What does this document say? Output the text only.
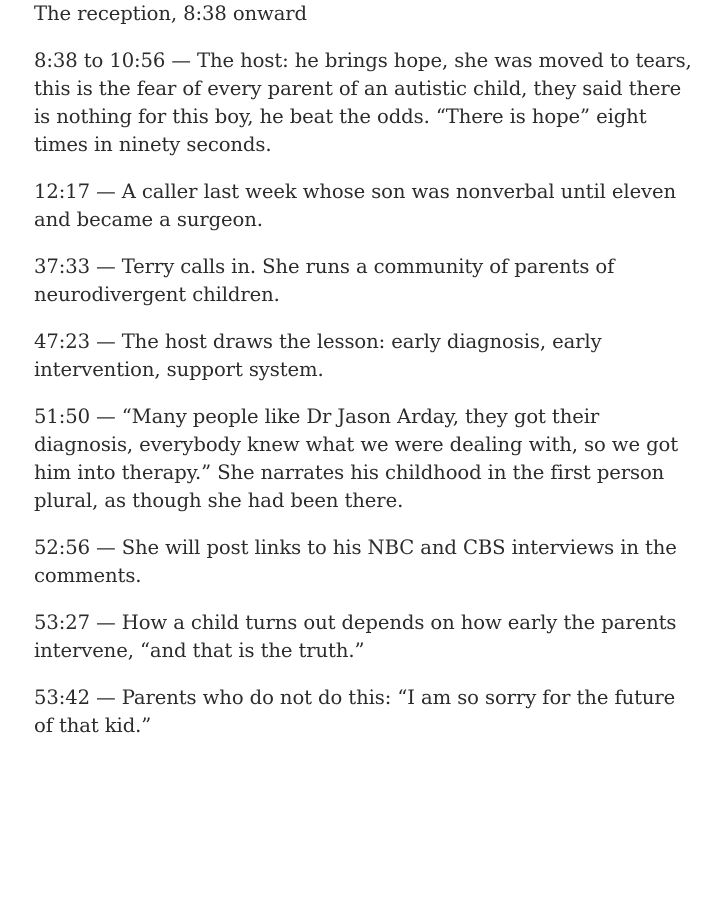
The reception, 8:38 onward

8:38 to 10:56 — The host: he brings hope, she was moved to tears, this is the fear of every parent of an autistic child, they said there is nothing for this boy, he beat the odds. “There is hope” eight times in ninety seconds.

12:17 — A caller last week whose son was nonverbal until eleven and became a surgeon.

37:33 — Terry calls in. She runs a community of parents of neurodivergent children.

47:23 — The host draws the lesson: early diagnosis, early intervention, support system.

51:50 — “Many people like Dr Jason Arday, they got their diagnosis, everybody knew what we were dealing with, so we got him into therapy.” She narrates his childhood in the first person plural, as though she had been there.

52:56 — She will post links to his NBC and CBS interviews in the comments.

53:27 — How a child turns out depends on how early the parents intervene, “and that is the truth.”

53:42 — Parents who do not do this: “I am so sorry for the future of that kid.”
